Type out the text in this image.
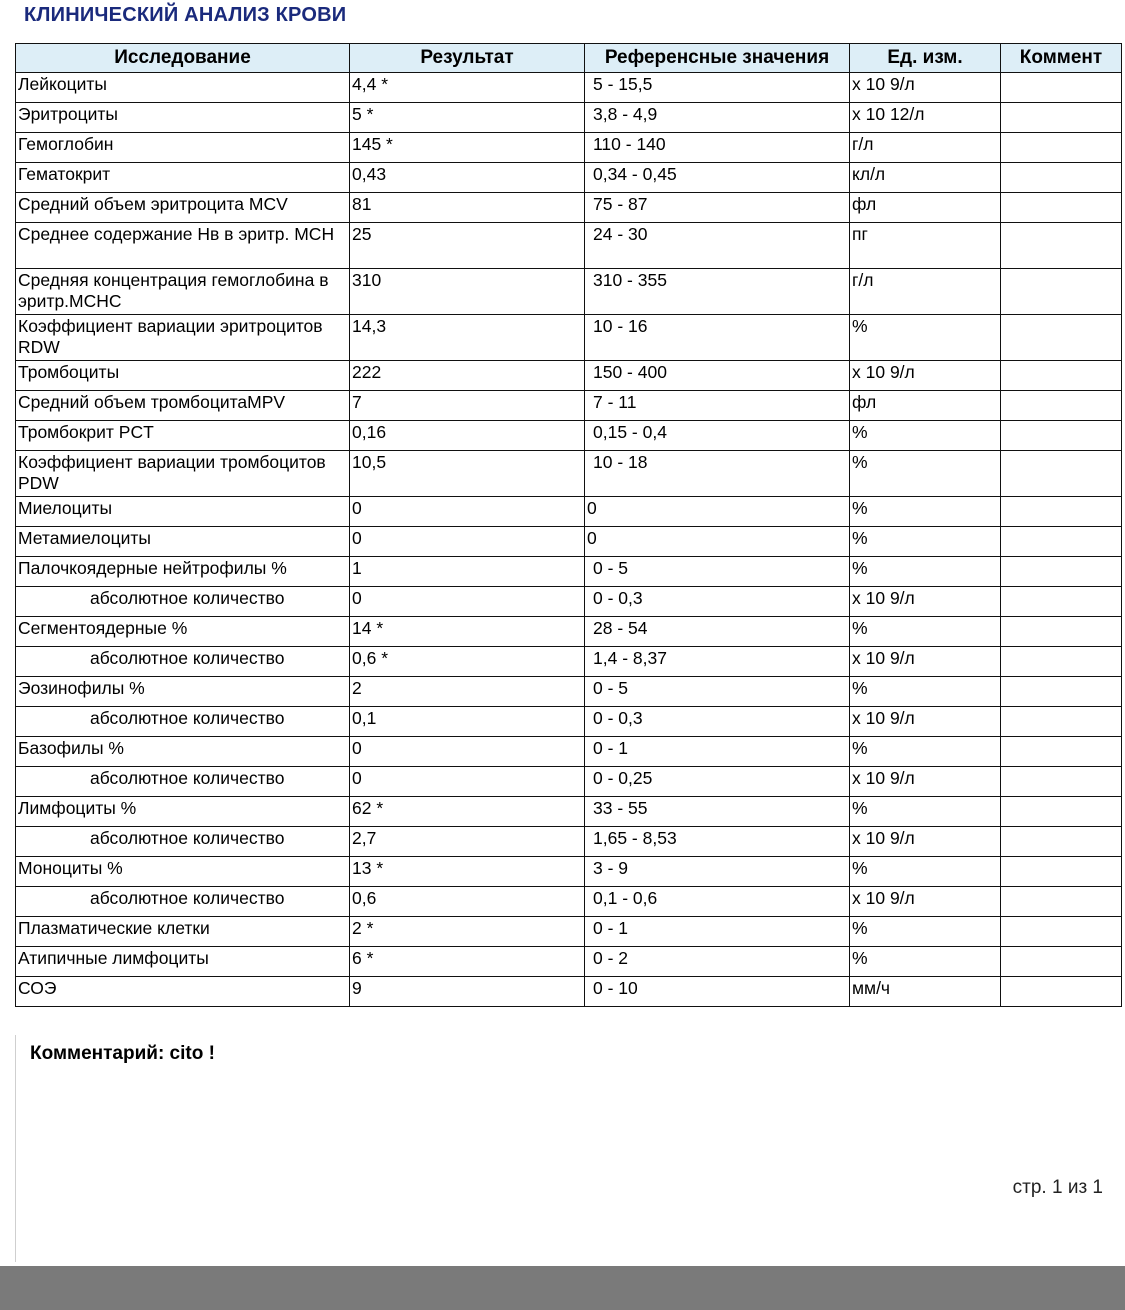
КЛИНИЧЕСКИЙ АНАЛИЗ КРОВИ
Исследование	Результат	Референсные значения	Ед. изм.	Коммент
Лейкоциты	4,4 *	5 - 15,5	x 10 9/л	
Эритроциты	5 *	3,8 - 4,9	x 10 12/л	
Гемоглобин	145 *	110 - 140	г/л	
Гематокрит	0,43	0,34 - 0,45	кл/л	
Средний объем эритроцита MCV	81	75 - 87	фл	
Среднее содержание Нв в эритр. MCH	25	24 - 30	пг	
Средняя концентрация гемоглобина в эритр.MCHC	310	310 - 355	г/л	
Коэффициент вариации эритроцитов RDW	14,3	10 - 16	%	
Тромбоциты	222	150 - 400	x 10 9/л	
Средний объем тромбоцитаMPV	7	7 - 11	фл	
Тромбокрит PCT	0,16	0,15 - 0,4	%	
Коэффициент вариации тромбоцитов PDW	10,5	10 - 18	%	
Миелоциты	0	0	%	
Метамиелоциты	0	0	%	
Палочкоядерные нейтрофилы %	1	0 - 5	%	
абсолютное количество	0	0 - 0,3	x 10 9/л	
Сегментоядерные %	14 *	28 - 54	%	
абсолютное количество	0,6 *	1,4 - 8,37	x 10 9/л	
Эозинофилы %	2	0 - 5	%	
абсолютное количество	0,1	0 - 0,3	x 10 9/л	
Базофилы %	0	0 - 1	%	
абсолютное количество	0	0 - 0,25	x 10 9/л	
Лимфоциты %	62 *	33 - 55	%	
абсолютное количество	2,7	1,65 - 8,53	x 10 9/л	
Моноциты %	13 *	3 - 9	%	
абсолютное количество	0,6	0,1 - 0,6	x 10 9/л	
Плазматические клетки	2 *	0 - 1	%	
Атипичные лимфоциты	6 *	0 - 2	%	
СОЭ	9	0 - 10	мм/ч	
Комментарий: cito !
стр. 1 из 1
